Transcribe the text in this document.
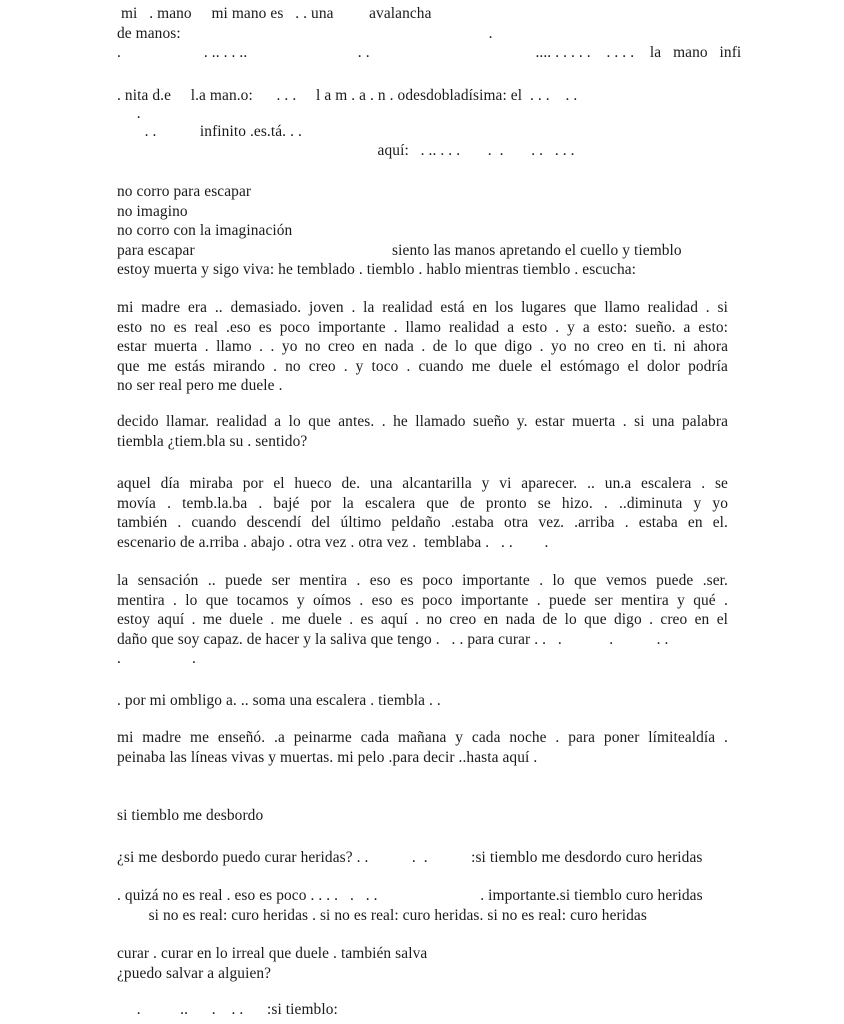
mi   . mano     mi mano es   . . una         avalancha
de manos:                                                                              .
.                     . .. . . ..                            . .                                          .... . . . . .    . . . .    la   mano   infi
. nita d.e     l.a man.o:      . . .     l a m . a . n . odesdobladísima: el  . . .    . .
.
. .           infinito .es.tá. . .
aquí:   . .. . . .       .  .       . .   . . .
no corro para escapar
no imagino
no corro con la imaginación
para escapar                                                  siento las manos apretando el cuello y tiemblo
estoy muerta y sigo viva: he temblado . tiemblo . hablo mientras tiemblo . escucha:
mi madre era .. demasiado. joven . la realidad está en los lugares que llamo realidad . si
esto no es real .eso es poco importante . llamo realidad a esto . y a esto: sueño. a esto:
estar muerta . llamo . . yo no creo en nada . de lo que digo . yo no creo en ti. ni ahora
que me estás mirando . no creo . y toco . cuando me duele el estómago el dolor podría
no ser real pero me duele .
decido llamar. realidad a lo que antes. . he llamado sueño y. estar muerta . si una palabra
tiembla ¿tiem.bla su . sentido?
aquel día miraba por el hueco de. una alcantarilla y vi aparecer. .. un.a escalera . se
movía . temb.la.ba . bajé por la escalera que de pronto se hizo. . ..diminuta y yo
también . cuando descendí del último peldaño .estaba otra vez. .arriba . estaba en el.
escenario de a.rriba . abajo . otra vez . otra vez .  temblaba .   . .        .
la sensación .. puede ser mentira . eso es poco importante . lo que vemos puede .ser.
mentira . lo que tocamos y oímos . eso es poco importante . puede ser mentira y qué .
estoy aquí . me duele . me duele . es aquí . no creo en nada de lo que digo . creo en el
daño que soy capaz. de hacer y la saliva que tengo .   . . para curar . .   .            .           . .
.                  .
. por mi ombligo a. .. soma una escalera . tiembla . .
mi madre me enseñó. .a peinarme cada mañana y cada noche . para poner límitealdía .
peinaba las líneas vivas y muertas. mi pelo .para decir ..hasta aquí .
si tiemblo me desbordo
¿si me desbordo puedo curar heridas? . .           .  .           :si tiemblo me desdordo curo heridas
. quizá no es real . eso es poco . . . .   .   . .                          . importante.si tiemblo curo heridas
si no es real: curo heridas . si no es real: curo heridas. si no es real: curo heridas
curar . curar en lo irreal que duele . también salva
¿puedo salvar a alguien?
.          ..      .    . .      :si tiemblo:
